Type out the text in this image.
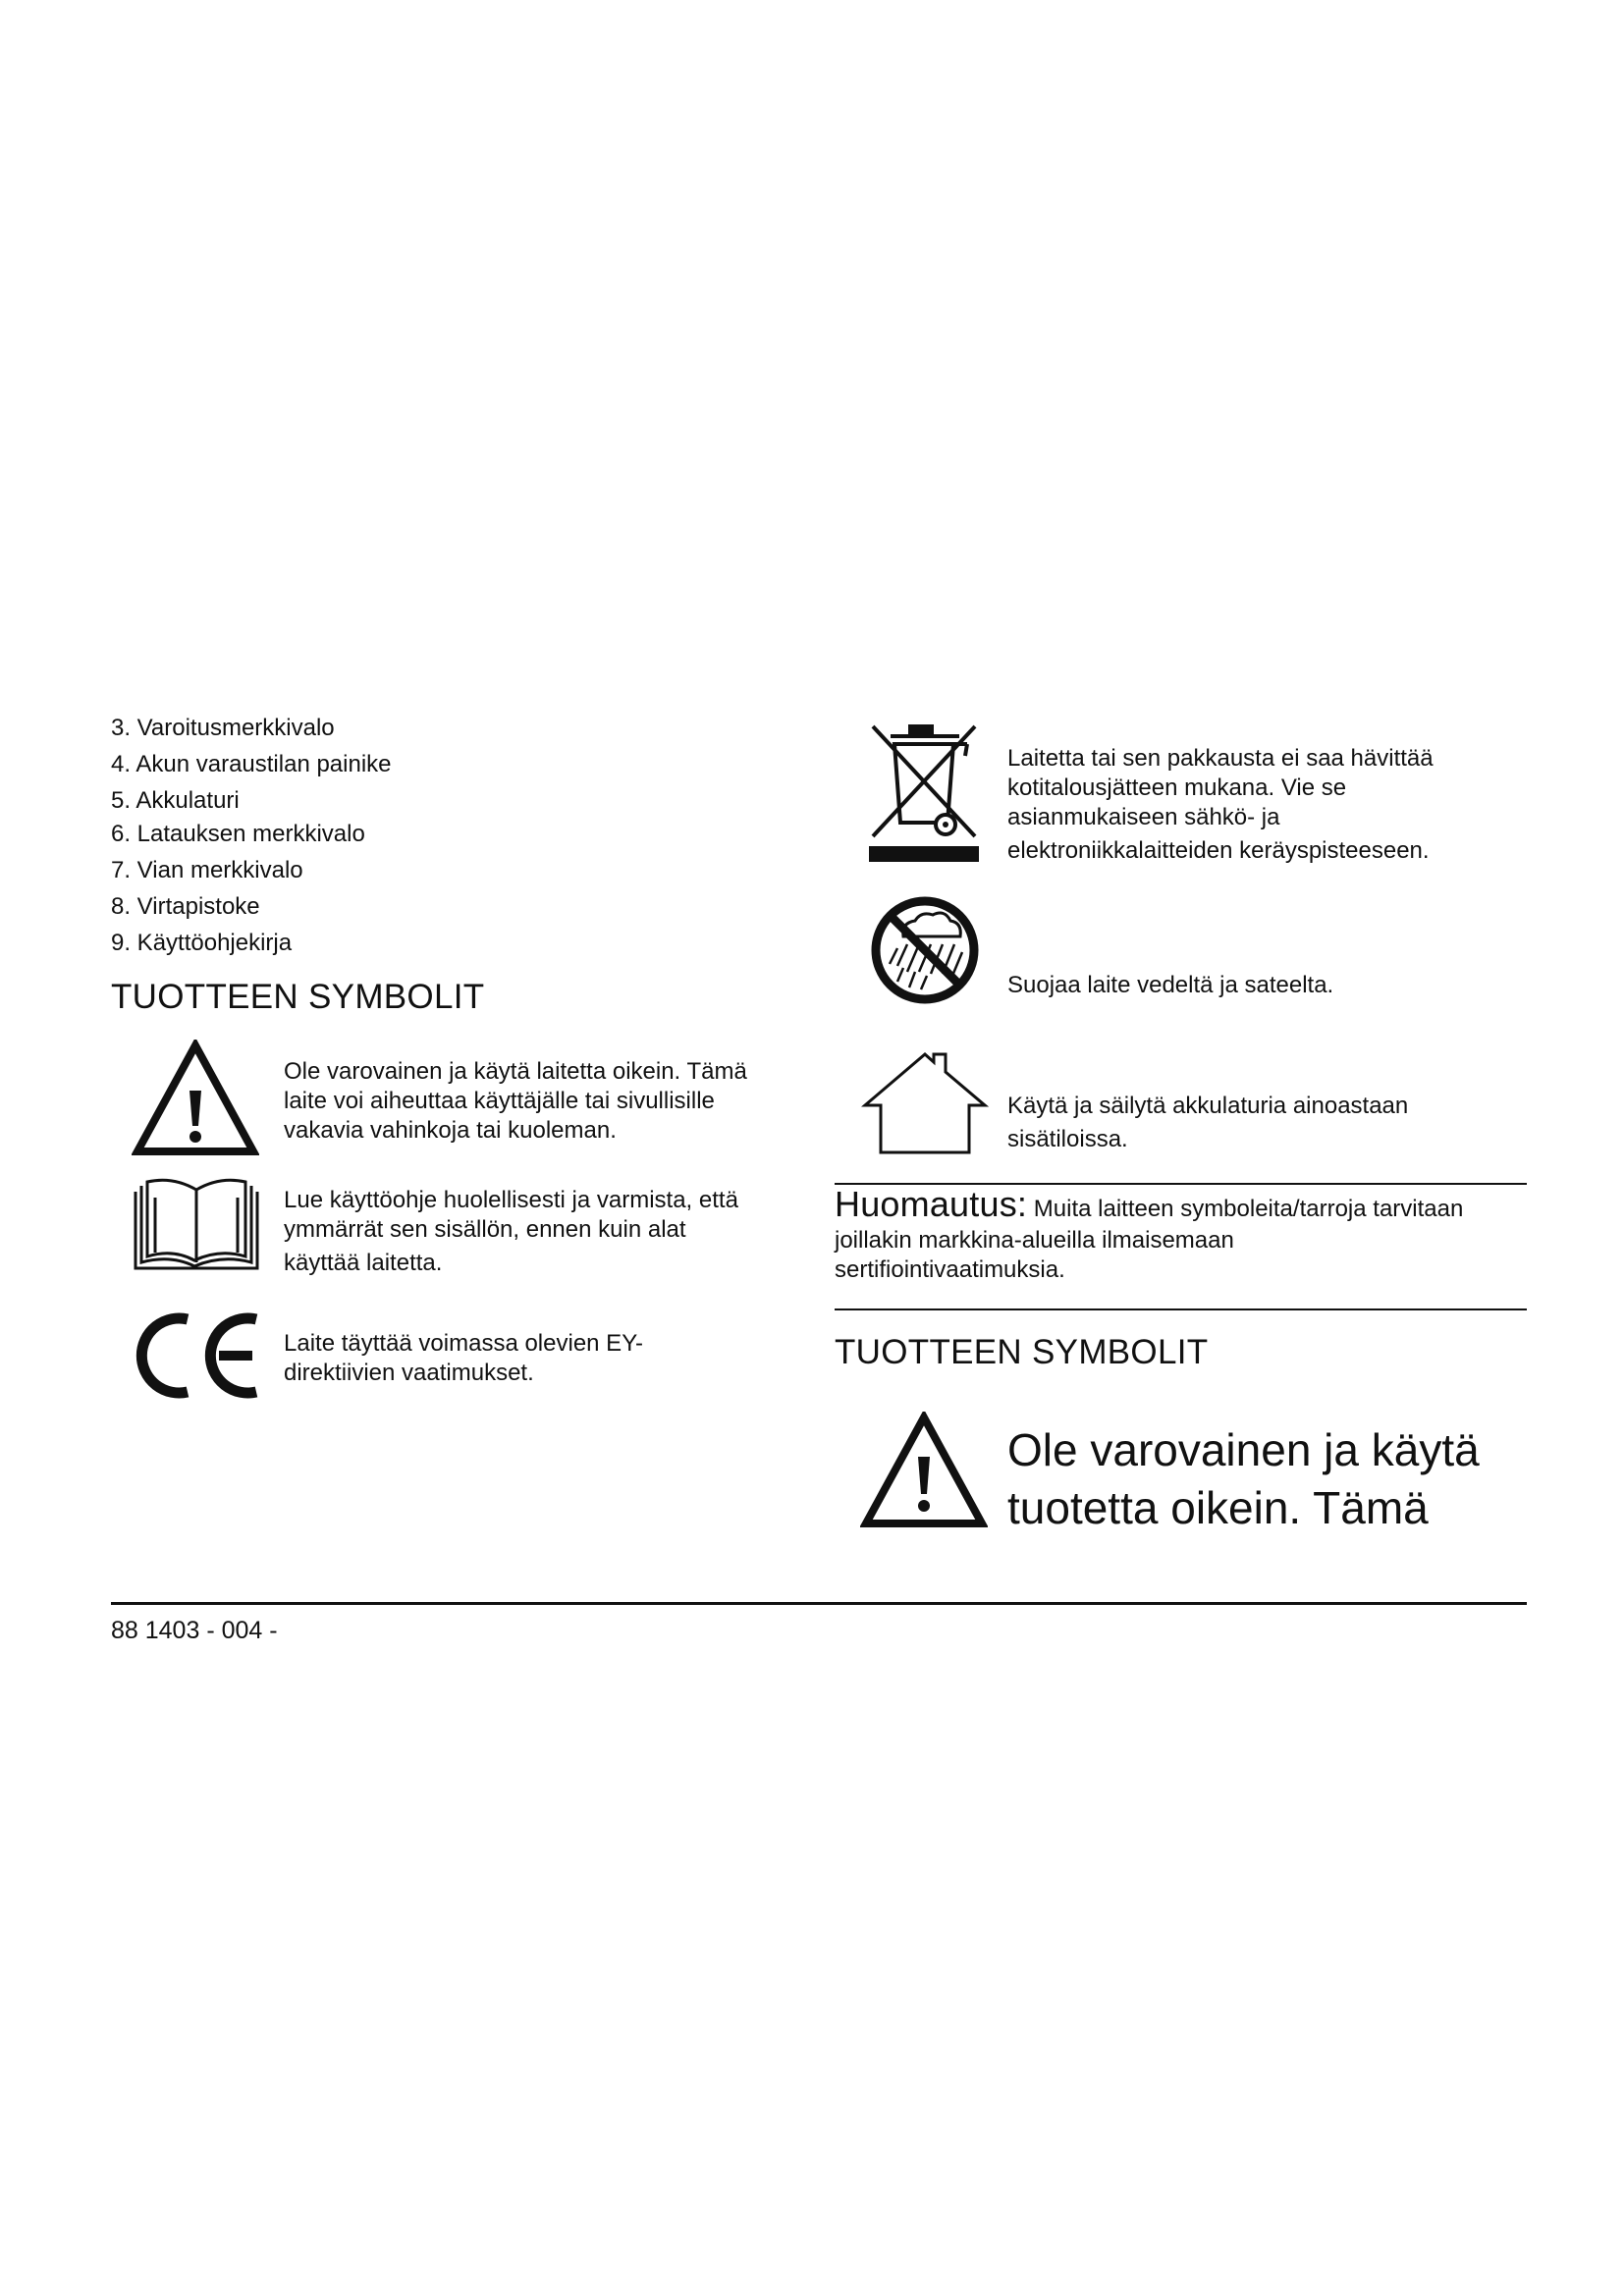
3. Varoitusmerkkivalo
4. Akun varaustilan painike
5. Akkulaturi
6. Latauksen merkkivalo
7. Vian merkkivalo
8. Virtapistoke
9. Käyttöohjekirja
TUOTTEEN SYMBOLIT
Ole varovainen ja käytä laitetta oikein. Tämä
laite voi aiheuttaa käyttäjälle tai sivullisille
vakavia vahinkoja tai kuoleman.
Lue käyttöohje huolellisesti ja varmista, että
ymmärrät sen sisällön, ennen kuin alat
käyttää laitetta.
Laite täyttää voimassa olevien EY-
direktiivien vaatimukset.
Laitetta tai sen pakkausta ei saa hävittää
kotitalousjätteen mukana. Vie se
asianmukaiseen sähkö- ja
elektroniikkalaitteiden keräyspisteeseen.
Suojaa laite vedeltä ja sateelta.
Käytä ja säilytä akkulaturia ainoastaan
sisätiloissa.
Huomautus: Muita laitteen symboleita/tarroja tarvitaan
joillakin markkina-alueilla ilmaisemaan
sertifiointivaatimuksia.
TUOTTEEN SYMBOLIT
Ole varovainen ja käytä
tuotetta oikein. Tämä
88 1403 - 004 -
